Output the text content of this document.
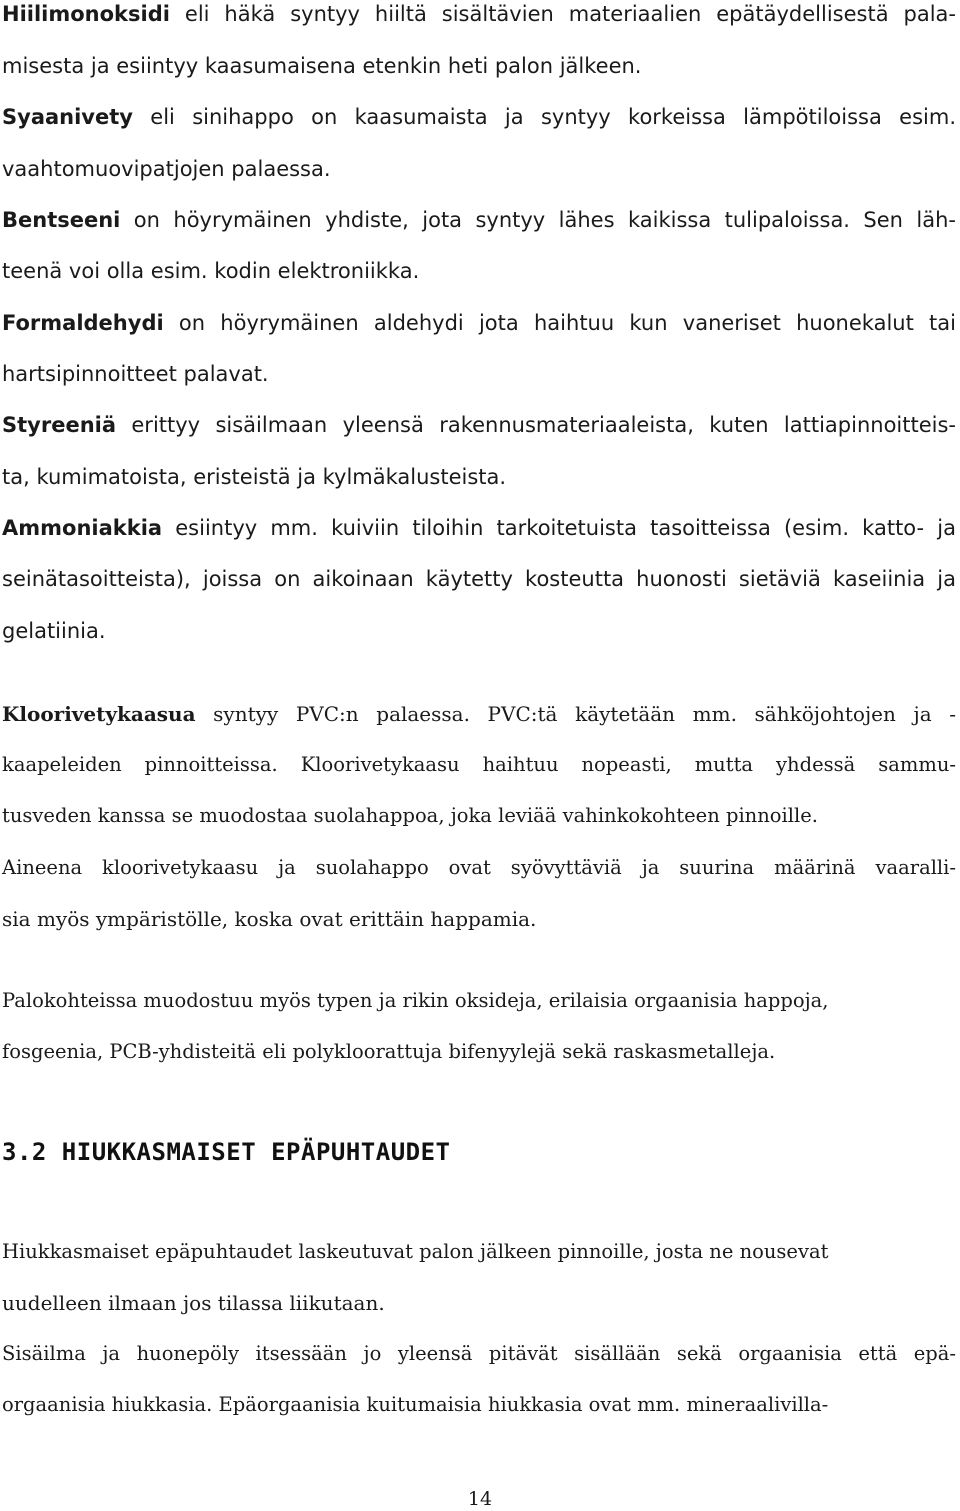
Hiilimonoksidi eli häkä syntyy hiiltä sisältävien materiaalien epätäydellisestä pala-

misesta ja esiintyy kaasumaisena etenkin heti palon jälkeen.

Syaanivety eli sinihappo on kaasumaista ja syntyy korkeissa lämpötiloissa esim.

vaahtomuovipatjojen palaessa.

Bentseeni on höyrymäinen yhdiste, jota syntyy lähes kaikissa tulipaloissa. Sen läh-

teenä voi olla esim. kodin elektroniikka.

Formaldehydi on höyrymäinen aldehydi jota haihtuu kun vaneriset huonekalut tai

hartsipinnoitteet palavat.

Styreeniä erittyy sisäilmaan yleensä rakennusmateriaaleista, kuten lattiapinnoitteis-

ta, kumimatoista, eristeistä ja kylmäkalusteista.

Ammoniakkia esiintyy mm. kuiviin tiloihin tarkoitetuista tasoitteissa (esim. katto- ja

seinätasoitteista), joissa on aikoinaan käytetty kosteutta huonosti sietäviä kaseiinia ja

gelatiinia.

Kloorivetykaasua syntyy PVC:n palaessa. PVC:tä käytetään mm. sähköjohtojen ja -

kaapeleiden pinnoitteissa. Kloorivetykaasu haihtuu nopeasti, mutta yhdessä sammu-

tusveden kanssa se muodostaa suolahappoa, joka leviää vahinkokohteen pinnoille.

Aineena kloorivetykaasu ja suolahappo ovat syövyttäviä ja suurina määrinä vaaralli-

sia myös ympäristölle, koska ovat erittäin happamia.

Palokohteissa muodostuu myös typen ja rikin oksideja, erilaisia orgaanisia happoja,

fosgeenia, PCB-yhdisteitä eli polykloorattuja bifenyylejä sekä raskasmetalleja.

3.2 HIUKKASMAISET EPÄPUHTAUDET

Hiukkasmaiset epäpuhtaudet laskeutuvat palon jälkeen pinnoille, josta ne nousevat

uudelleen ilmaan jos tilassa liikutaan.

Sisäilma ja huonepöly itsessään jo yleensä pitävät sisällään sekä orgaanisia että epä-

orgaanisia hiukkasia. Epäorgaanisia kuitumaisia hiukkasia ovat mm. mineraalivilla-

14
